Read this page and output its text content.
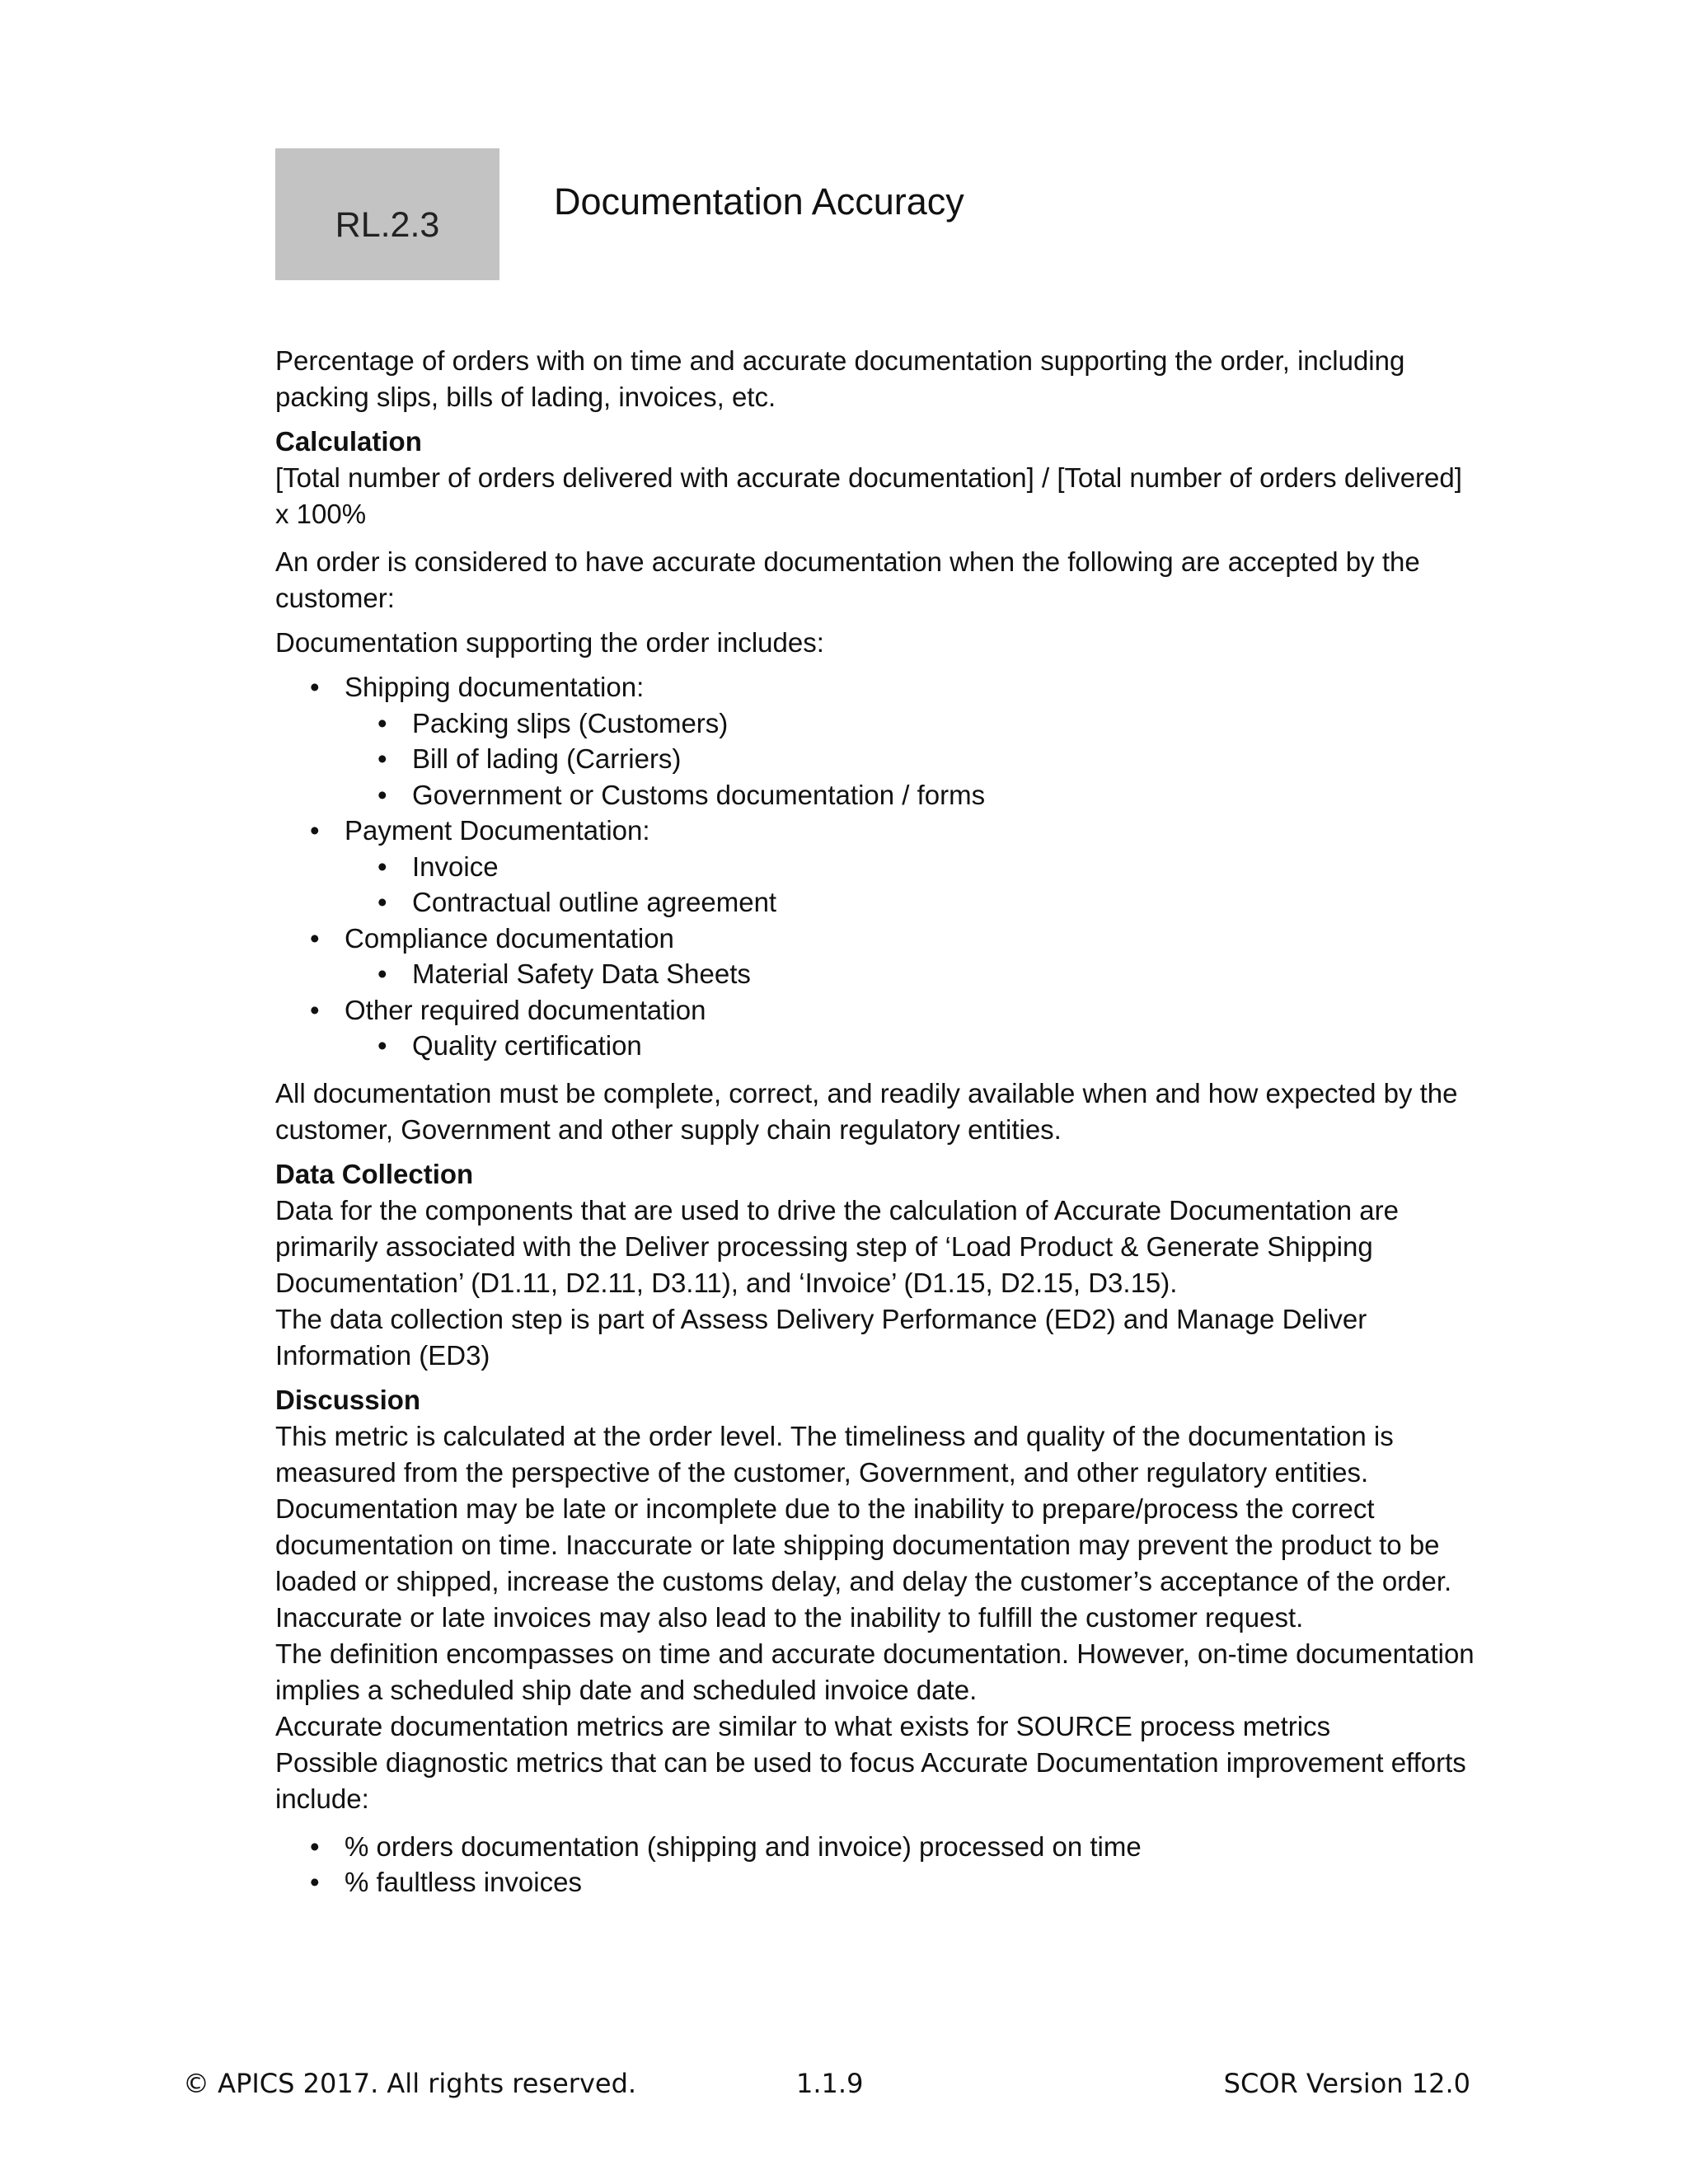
RL.2.3
Documentation Accuracy

Percentage of orders with on time and accurate documentation supporting the order, including packing slips, bills of lading, invoices, etc.

Calculation

[Total number of orders delivered with accurate documentation] / [Total number of orders delivered] x 100%

An order is considered to have accurate documentation when the following are accepted by the customer:

Documentation supporting the order includes:

• Shipping documentation:
• Packing slips (Customers)
• Bill of lading (Carriers)
• Government or Customs documentation / forms
• Payment Documentation:
• Invoice
• Contractual outline agreement
• Compliance documentation
• Material Safety Data Sheets
• Other required documentation
• Quality certification

All documentation must be complete, correct, and readily available when and how expected by the customer, Government and other supply chain regulatory entities.

Data Collection

Data for the components that are used to drive the calculation of Accurate Documentation are primarily associated with the Deliver processing step of ‘Load Product & Generate Shipping Documentation’ (D1.11, D2.11, D3.11), and ‘Invoice’ (D1.15, D2.15, D3.15).

The data collection step is part of Assess Delivery Performance (ED2) and Manage Deliver Information (ED3)

Discussion

This metric is calculated at the order level. The timeliness and quality of the documentation is measured from the perspective of the customer, Government, and other regulatory entities. Documentation may be late or incomplete due to the inability to prepare/process the correct documentation on time. Inaccurate or late shipping documentation may prevent the product to be loaded or shipped, increase the customs delay, and delay the customer’s acceptance of the order. Inaccurate or late invoices may also lead to the inability to fulfill the customer request.

The definition encompasses on time and accurate documentation. However, on-time documentation implies a scheduled ship date and scheduled invoice date.

Accurate documentation metrics are similar to what exists for SOURCE process metrics

Possible diagnostic metrics that can be used to focus Accurate Documentation improvement efforts include:

• % orders documentation (shipping and invoice) processed on time
• % faultless invoices
© APICS 2017. All rights reserved.	1.1.9	SCOR Version 12.0
